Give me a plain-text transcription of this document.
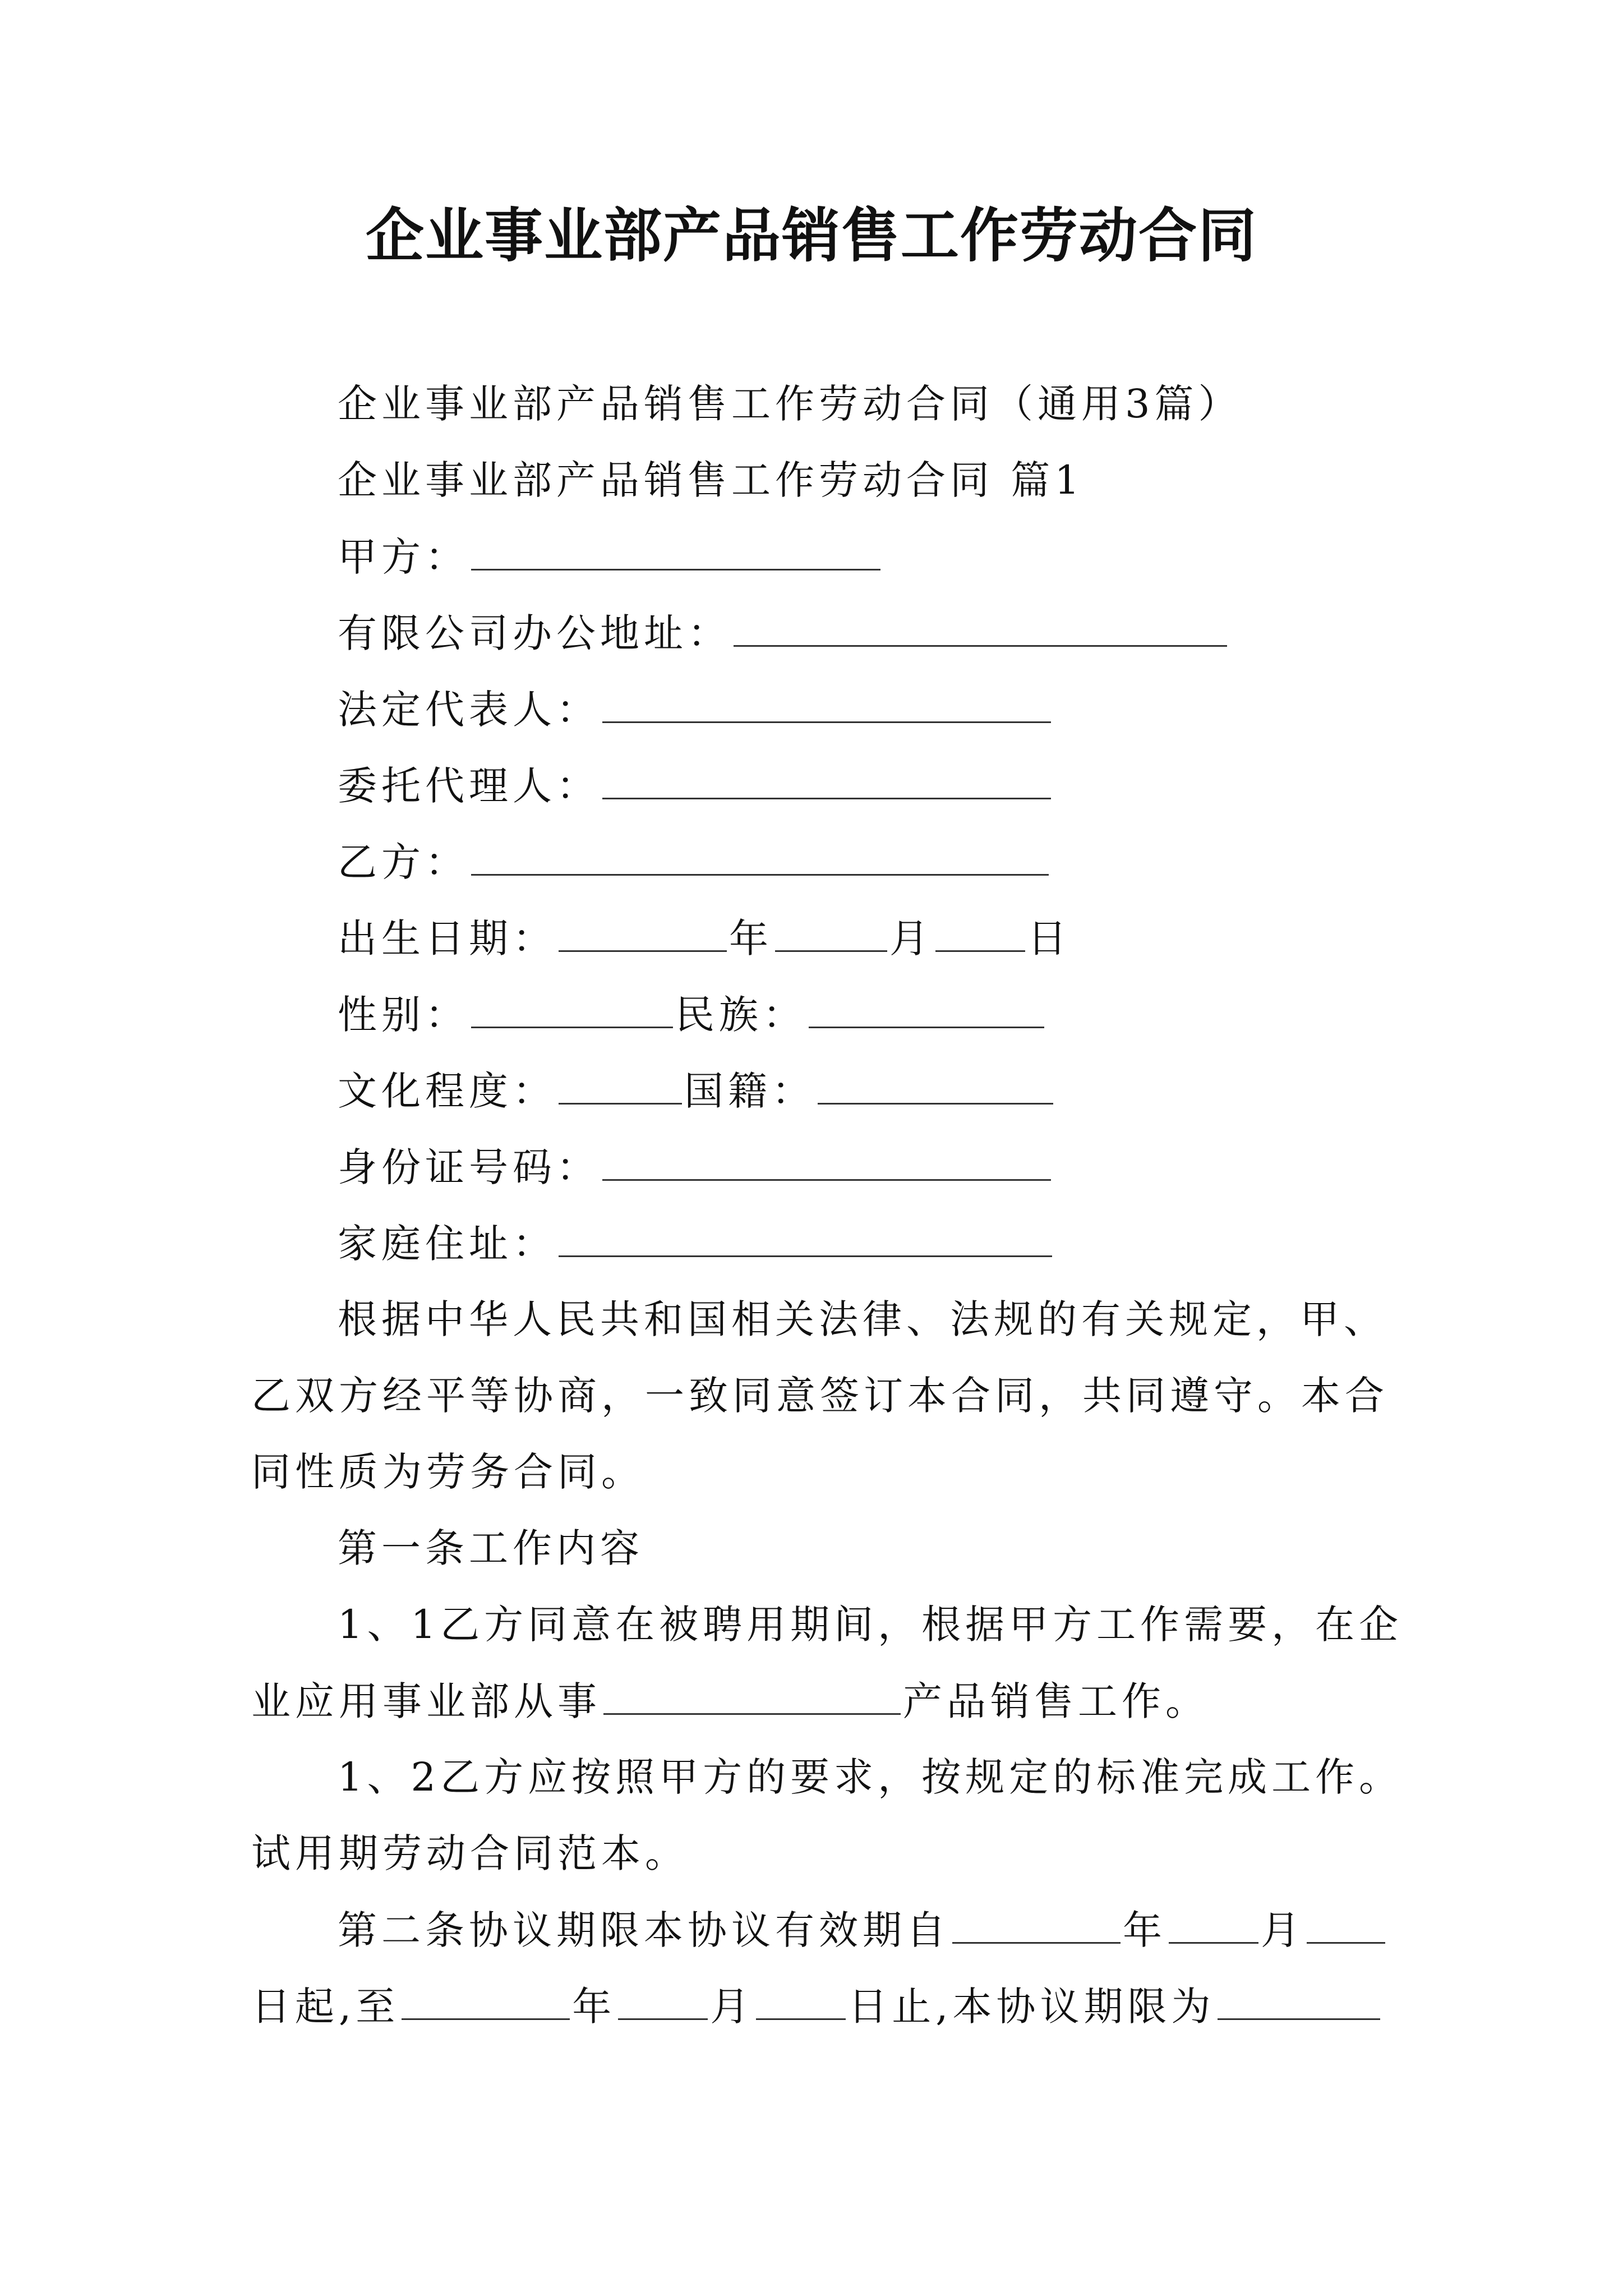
企业事业部产品销售工作劳动合同
企业事业部产品销售工作劳动合同（通用3篇）
企业事业部产品销售工作劳动合同 篇1
甲方：
有限公司办公地址：
法定代表人：
委托代理人：
乙方：
出生日期：	年	月 日
性别：	民族：
文化程度：	国籍：
身份证号码：
家庭住址：
根据中华人民共和国相关法律、法规的有关规定，甲、
乙双方经平等协商，一致同意签订本合同，共同遵守。本合
同性质为劳务合同。
第一条工作内容
1、1乙方同意在被聘用期间，根据甲方工作需要，在企
业应用事业部从事	产品销售工作。
1、2乙方应按照甲方的要求，按规定的标准完成工作。
试用期劳动合同范本。
第二条协议期限本协议有效期自	年 月
日起,至	年 月 日止,本协议期限为
